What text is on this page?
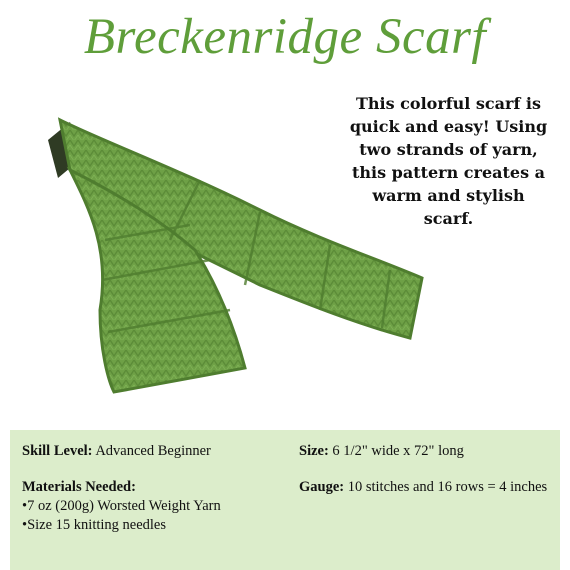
Breckenridge Scarf
This colorful scarf is quick and easy! Using two strands of yarn, this pattern creates a warm and stylish scarf.
Skill Level: Advanced Beginner	Size: 6 1/2" wide x 72" long
Materials Needed:
•7 oz (200g) Worsted Weight Yarn
•Size 15 knitting needles
Gauge: 10 stitches and 16 rows = 4 inches
